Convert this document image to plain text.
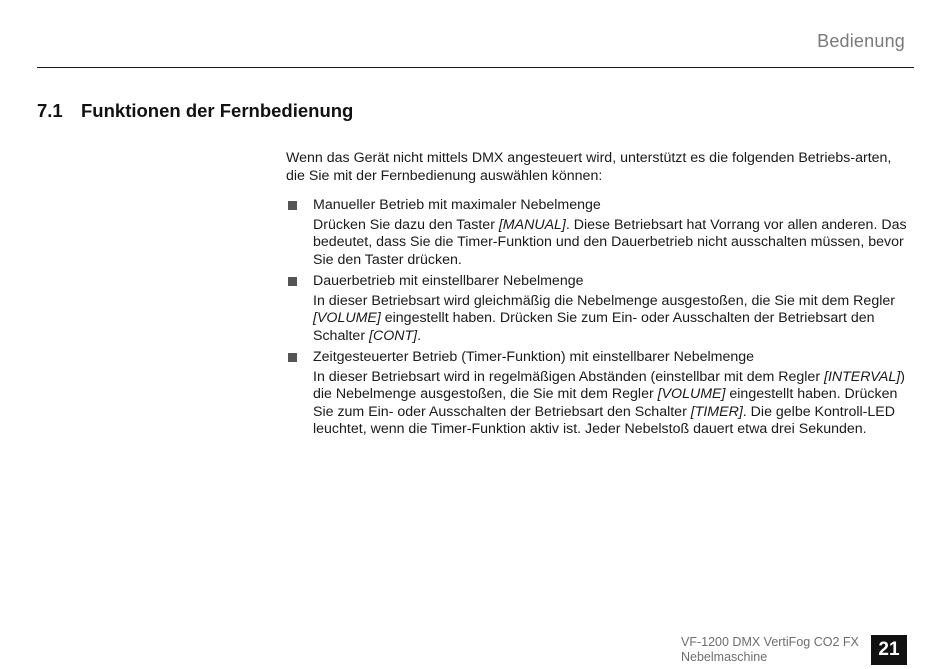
Bedienung
7.1 Funktionen der Fernbedienung

Wenn das Gerät nicht mittels DMX angesteuert wird, unterstützt es die folgenden Betriebs-arten, die Sie mit der Fernbedienung auswählen können:

Manueller Betrieb mit maximaler Nebelmenge
Drücken Sie dazu den Taster [MANUAL]. Diese Betriebsart hat Vorrang vor allen anderen. Das bedeutet, dass Sie die Timer-Funktion und den Dauerbetrieb nicht ausschalten müssen, bevor Sie den Taster drücken.
Dauerbetrieb mit einstellbarer Nebelmenge
In dieser Betriebsart wird gleichmäßig die Nebelmenge ausgestoßen, die Sie mit dem Regler [VOLUME] eingestellt haben. Drücken Sie zum Ein- oder Ausschalten der Betriebsart den Schalter [CONT].
Zeitgesteuerter Betrieb (Timer-Funktion) mit einstellbarer Nebelmenge
In dieser Betriebsart wird in regelmäßigen Abständen (einstellbar mit dem Regler [INTERVAL]) die Nebelmenge ausgestoßen, die Sie mit dem Regler [VOLUME] eingestellt haben. Drücken Sie zum Ein- oder Ausschalten der Betriebsart den Schalter [TIMER]. Die gelbe Kontroll-LED leuchtet, wenn die Timer-Funktion aktiv ist. Jeder Nebelstoß dauert etwa drei Sekunden.
VF-1200 DMX VertiFog CO2 FX
Nebelmaschine	21
